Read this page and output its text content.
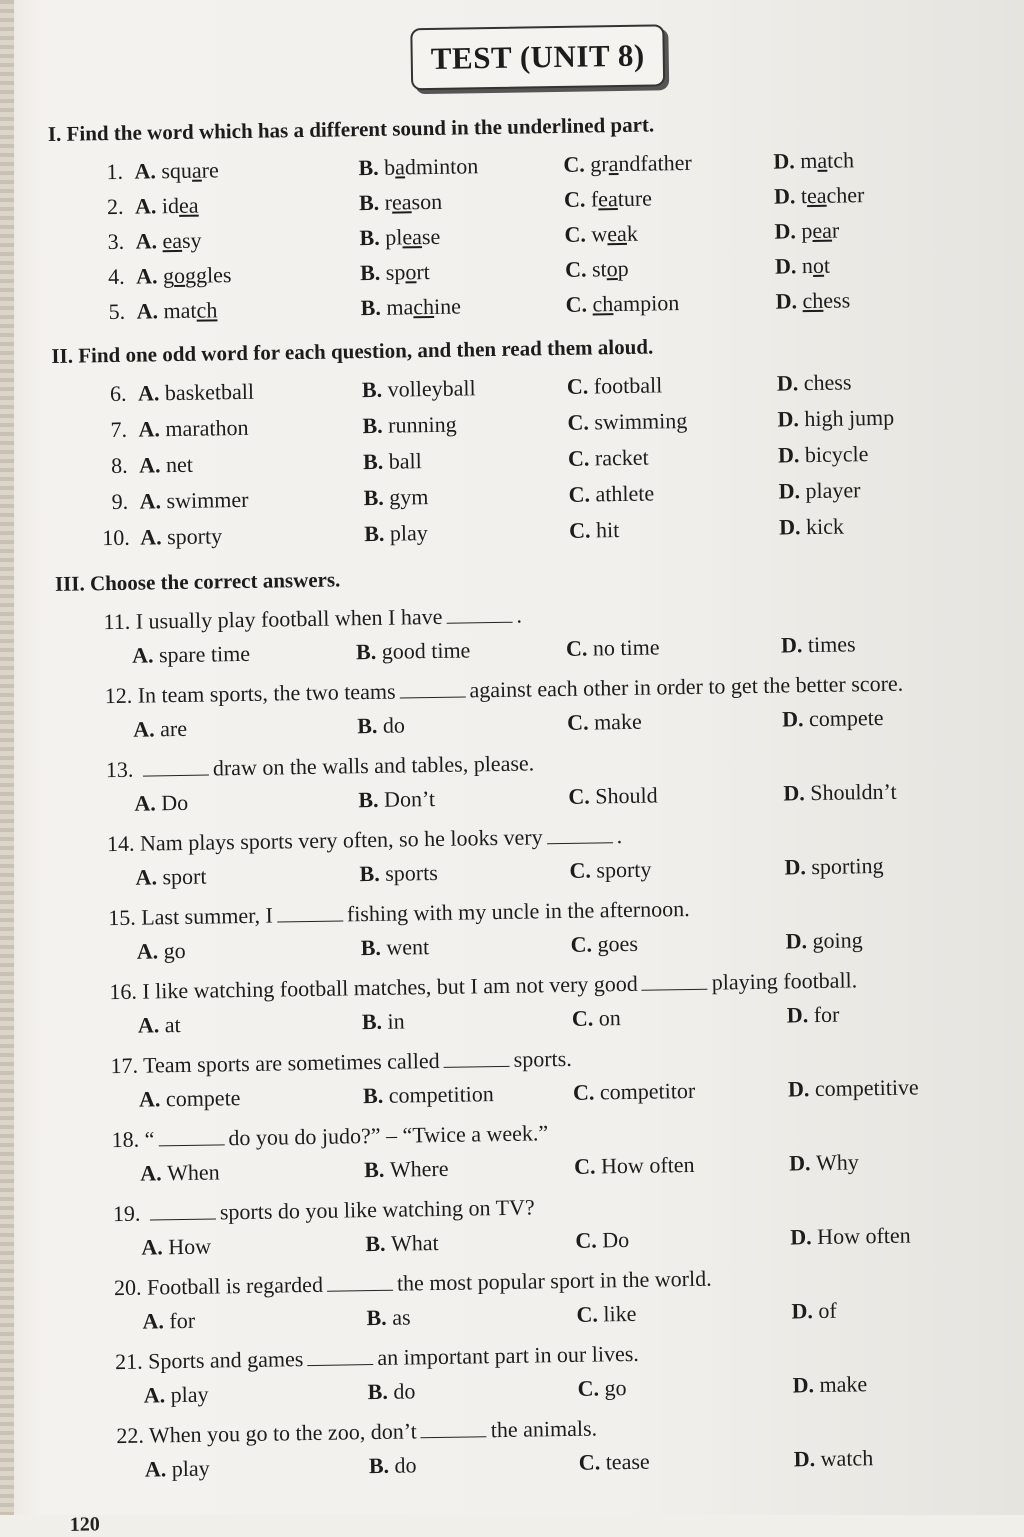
TEST (UNIT 8)
I. Find the word which has a different sound in the underlined part.
II. Find one odd word for each question, and then read them aloud.
III. Choose the correct answers.
120
1. A. square	B. badminton	C. grandfather	D. match
2. A. idea	B. reason	C. feature	D. teacher
3. A. easy	B. please	C. weak	D. pear
4. A. goggles	B. sport	C. stop	D. not
5. A. match	B. machine	C. champion	D. chess
6. A. basketball	B. volleyball	C. football	D. chess
7. A. marathon	B. running	C. swimming	D. high jump
8. A. net	B. ball	C. racket	D. bicycle
9. A. swimmer	B. gym	C. athlete	D. player
10. A. sporty	B. play	C. hit	D. kick
11. I usually play football when I have	.
A. spare time	B. good time	C. no time	D. times
12. In team sports, the two teams	against each other in order to get the better score.
A. are	B. do	C. make	D. compete
13.	draw on the walls and tables, please.
A. Do	B. Don’t	C. Should	D. Shouldn’t
14. Nam plays sports very often, so he looks very	.
A. sport	B. sports	C. sporty	D. sporting
15. Last summer, I	fishing with my uncle in the afternoon.
A. go	B. went	C. goes	D. going
16. I like watching football matches, but I am not very good	playing football.
A. at	B. in	C. on	D. for
17. Team sports are sometimes called	sports.
A. compete	B. competition	C. competitor	D. competitive
18. “	do you do judo?” – “Twice a week.”
A. When	B. Where	C. How often	D. Why
19.	sports do you like watching on TV?
A. How	B. What	C. Do	D. How often
20. Football is regarded	the most popular sport in the world.
A. for	B. as	C. like	D. of
21. Sports and games	an important part in our lives.
A. play	B. do	C. go	D. make
22. When you go to the zoo, don’t	the animals.
A. play	B. do	C. tease	D. watch
